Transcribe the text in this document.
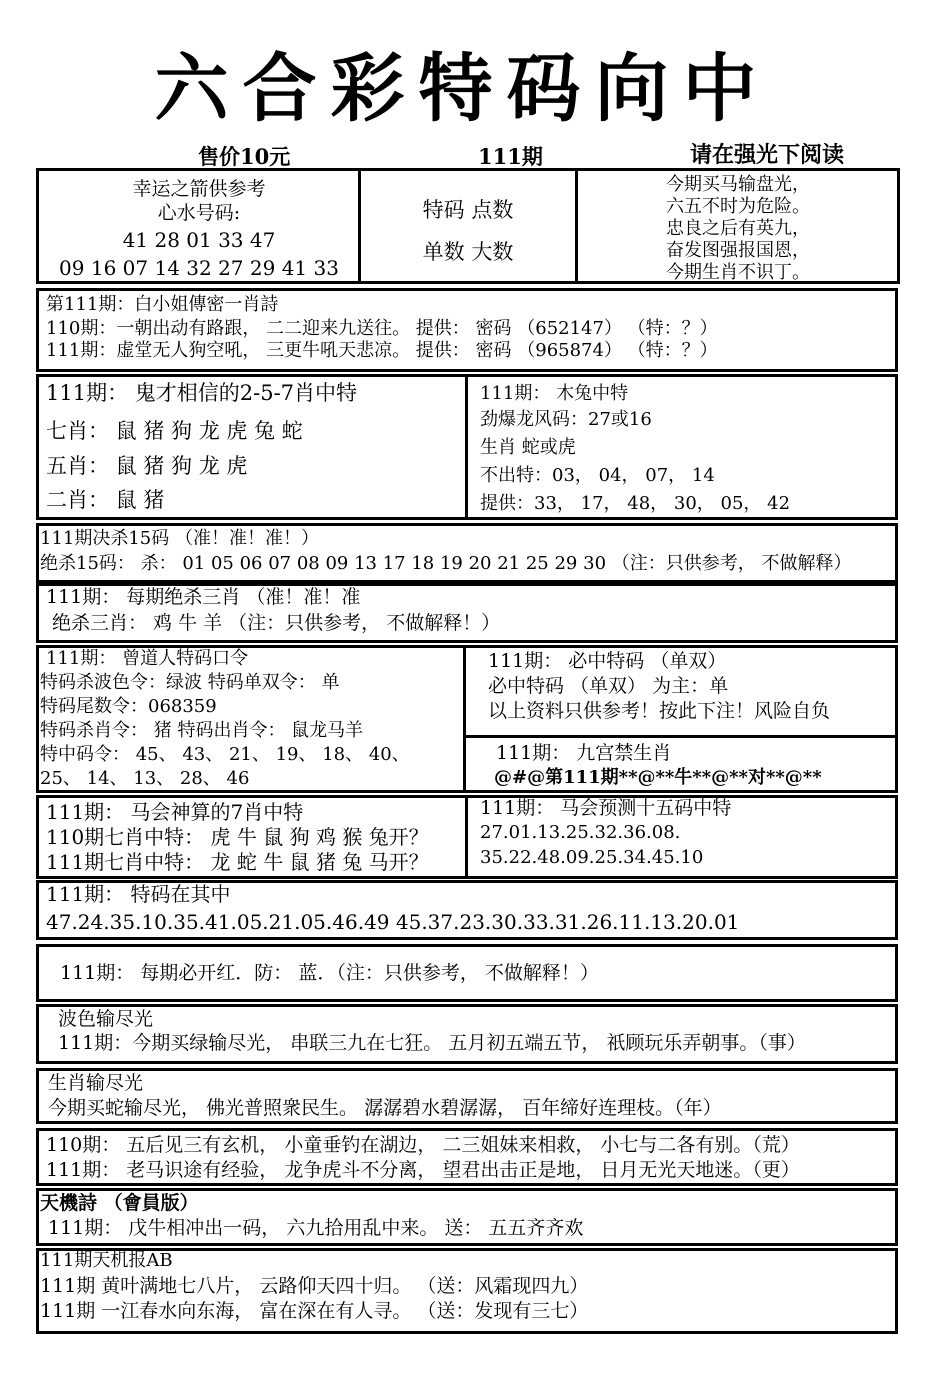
六合彩特码向中
售价10元	111期	请在强光下阅读
幸运之箭供参考
心水号码:
41 28 01 33 47
09 16 07 14 32 27 29 41 33
特码 点数
单数 大数
今期买马输盘光，
六五不时为危险。
忠良之后有英九，
奋发图强报国恩，
今期生肖不识丁。
第111期：白小姐傳密一肖詩
110期：一朝出动有路跟， 二二迎来九送往。 提供： 密码 （652147） （特：？）
111期：虚堂无人狗空吼， 三更牛吼天悲凉。 提供： 密码 （965874） （特：？）
111期： 鬼才相信的2-5-7肖中特
七肖： 鼠 猪 狗 龙 虎 兔 蛇
五肖： 鼠 猪 狗 龙 虎
二肖： 鼠 猪
111期： 木兔中特
劲爆龙风码：27或16
生肖 蛇或虎
不出特：03， 04， 07， 14
提供：33， 17， 48， 30， 05， 42
111期决杀15码 （准！准！准！）
绝杀15码： 杀： 01 05 06 07 08 09 13 17 18 19 20 21 25 29 30 （注：只供参考， 不做解释）
111期： 每期绝杀三肖 （准！准！准
绝杀三肖： 鸡 牛 羊 （注：只供参考， 不做解释！）
111期： 曾道人特码口令
特码杀波色令：绿波 特码单双令： 单
特码尾数令：068359
特码杀肖令： 猪 特码出肖令： 鼠龙马羊
特中码令： 45、 43、 21、 19、 18、 40、
25、 14、 13、 28、 46
111期： 必中特码 （单双）
必中特码 （单双） 为主：单
以上资料只供参考！按此下注！风险自负
111期： 九宫禁生肖
@#@第111期**@**牛**@**对**@**
111期： 马会神算的7肖中特
110期七肖中特： 虎 牛 鼠 狗 鸡 猴 兔开？
111期七肖中特： 龙 蛇 牛 鼠 猪 兔 马开？
111期： 马会预测十五码中特
27.01.13.25.32.36.08.
35.22.48.09.25.34.45.10
111期： 特码在其中
47.24.35.10.35.41.05.21.05.46.49 45.37.23.30.33.31.26.11.13.20.01
111期： 每期必开红．防： 蓝．（注：只供参考， 不做解释！）
波色输尽光
111期：今期买绿输尽光， 串联三九在七狂。 五月初五端五节， 祇顾玩乐弄朝事。（事）
生肖输尽光
今期买蛇输尽光， 佛光普照衆民生。 潺潺碧水碧潺潺， 百年缔好连理枝。（年）
110期： 五后见三有玄机， 小童垂钓在湖边， 二三姐妹来相救， 小七与二各有别。（荒）
111期： 老马识途有经验， 龙争虎斗不分离， 望君出击正是地， 日月无光天地迷。（更）
天機詩 （會員版）
111期： 戊牛相冲出一码， 六九拾用乱中来。 送： 五五齐齐欢
111期天机报AB
111期 黄叶满地七八片， 云路仰天四十归。 （送：风霜现四九）
111期 一江春水向东海， 富在深在有人寻。 （送：发现有三七）
